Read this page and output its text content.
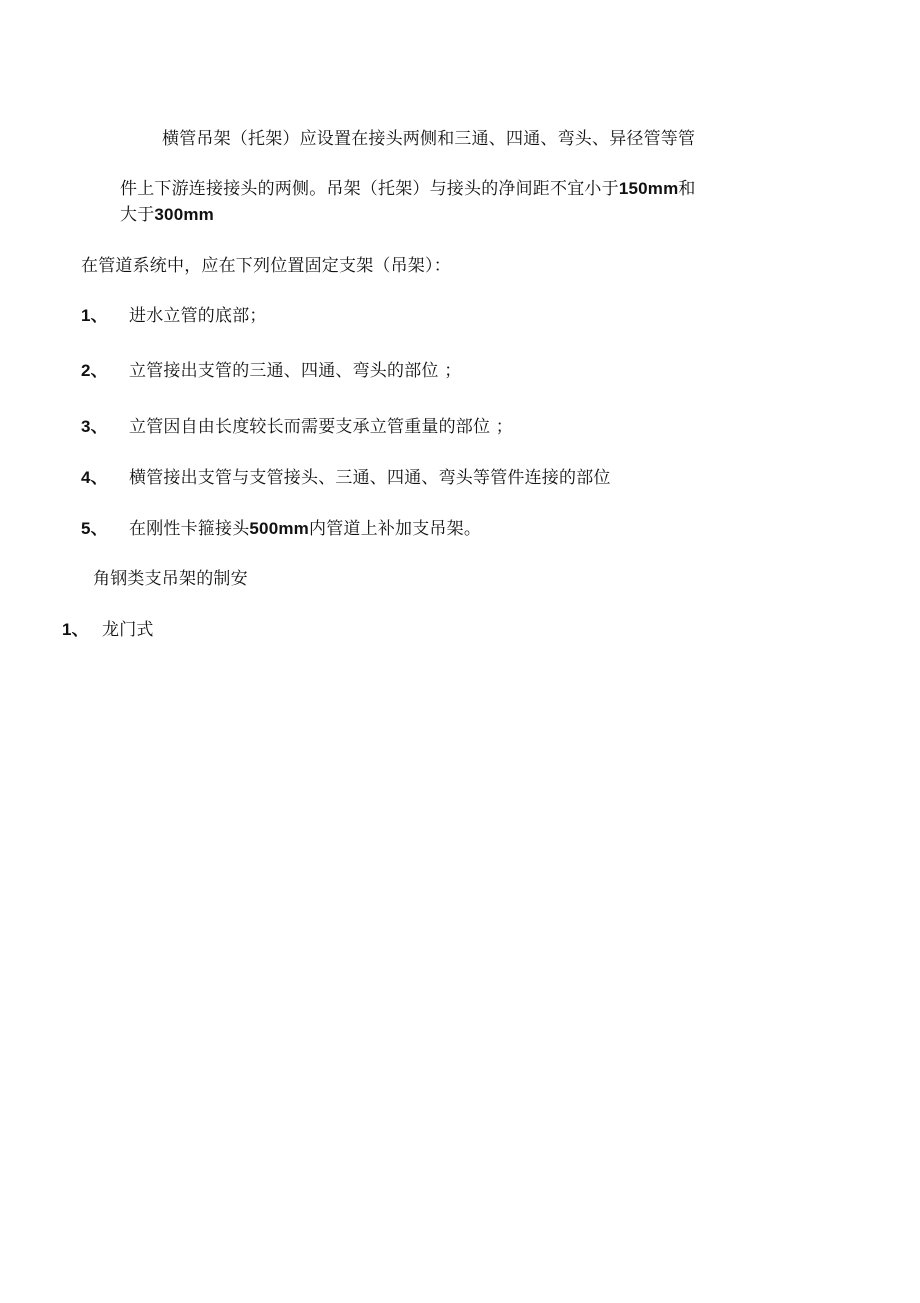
横管吊架（托架）应设置在接头两侧和三通、四通、弯头、异径管等管
件上下游连接接头的两侧。吊架（托架）与接头的净间距不宜小于150mm和
大于300mm
在管道系统中，应在下列位置固定支架（吊架）：
1、 进水立管的底部；
2、 立管接出支管的三通、四通、弯头的部位 ；
3、 立管因自由长度较长而需要支承立管重量的部位 ；
4、 横管接出支管与支管接头、三通、四通、弯头等管件连接的部位
5、 在刚性卡箍接头500mm内管道上补加支吊架。
角钢类支吊架的制安
1、 龙门式
